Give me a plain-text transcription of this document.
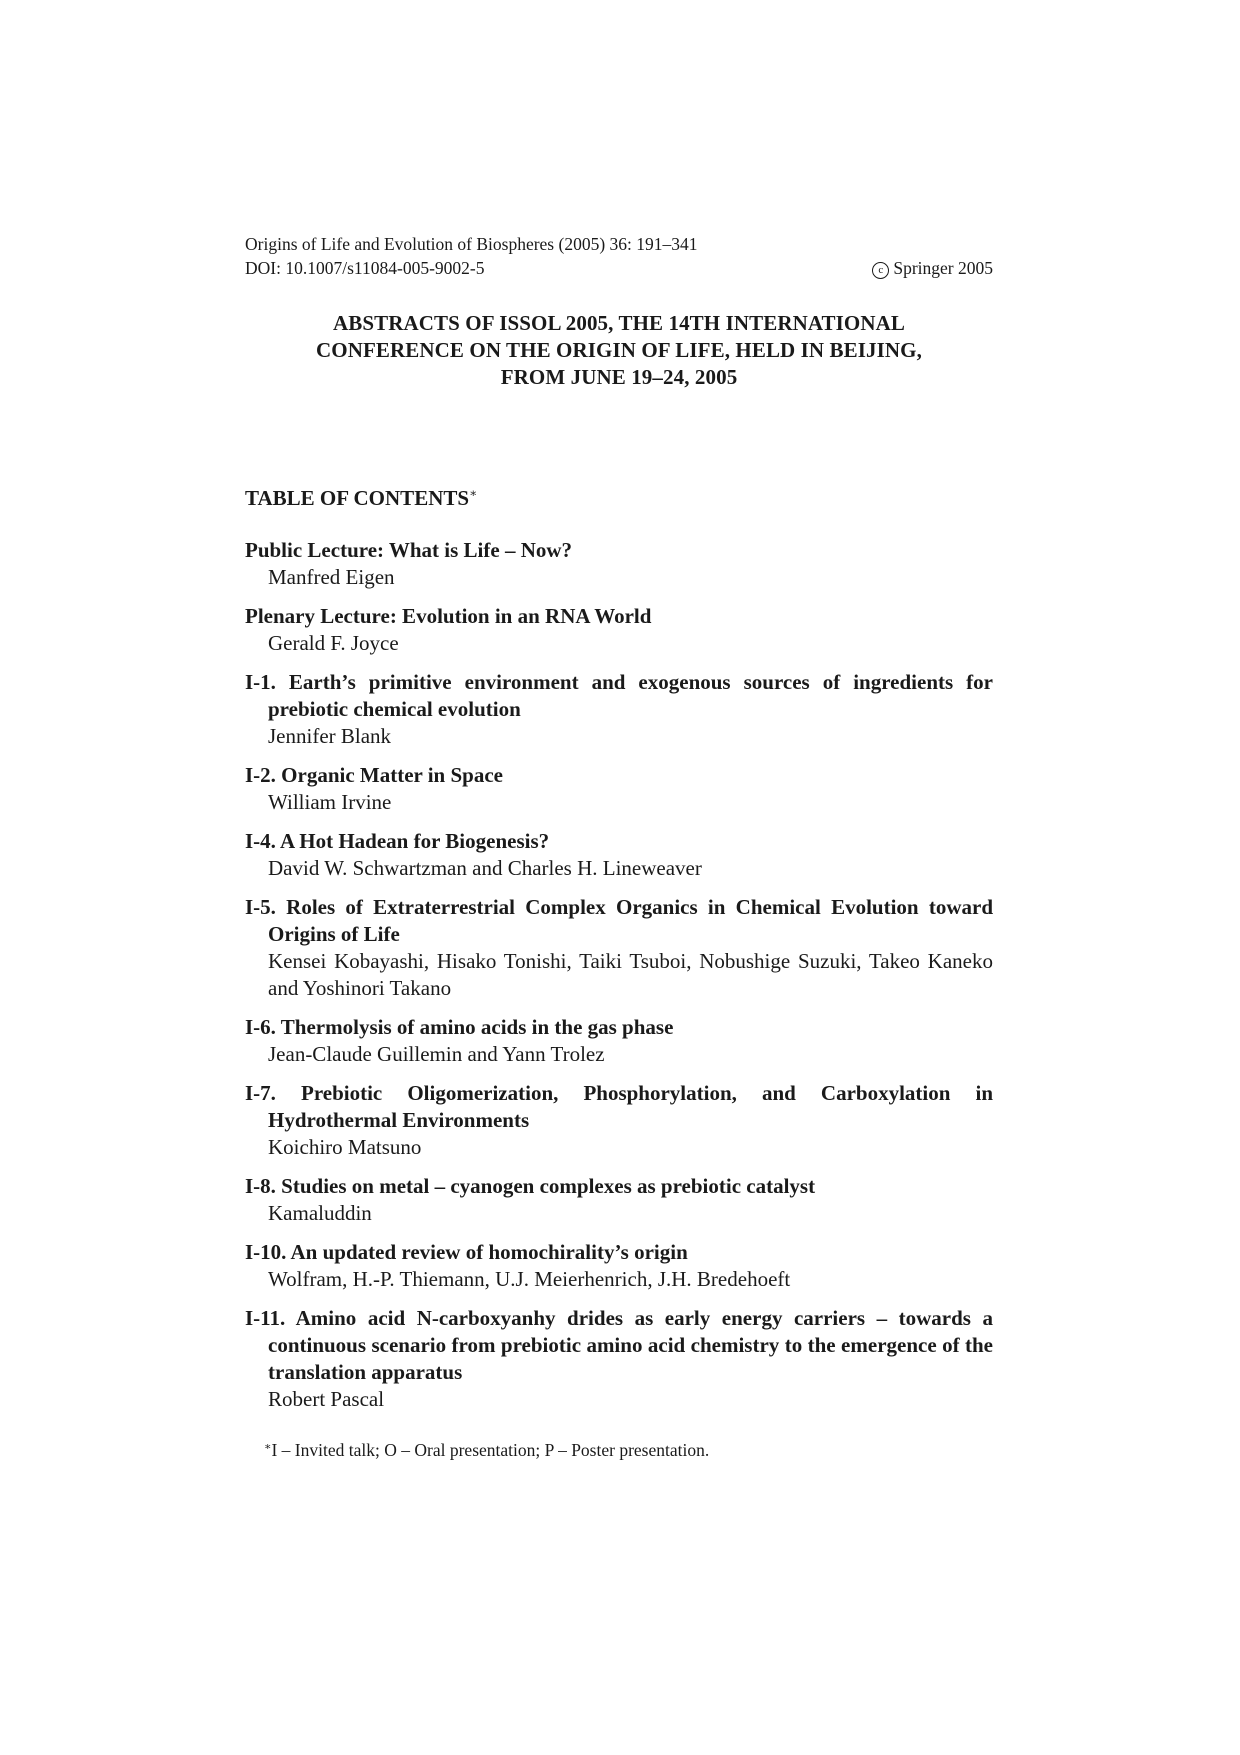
Origins of Life and Evolution of Biospheres (2005) 36: 191–341
DOI: 10.1007/s11084-005-9002-5	c Springer 2005
ABSTRACTS OF ISSOL 2005, THE 14TH INTERNATIONAL
CONFERENCE ON THE ORIGIN OF LIFE, HELD IN BEIJING,
FROM JUNE 19–24, 2005
TABLE OF CONTENTS∗
Public Lecture: What is Life – Now?
Manfred Eigen
Plenary Lecture: Evolution in an RNA World
Gerald F. Joyce
I-1. Earth’s primitive environment and exogenous sources of ingredients for prebiotic chemical evolution
Jennifer Blank
I-2. Organic Matter in Space
William Irvine
I-4. A Hot Hadean for Biogenesis?
David W. Schwartzman and Charles H. Lineweaver
I-5. Roles of Extraterrestrial Complex Organics in Chemical Evolution toward Origins of Life
Kensei Kobayashi, Hisako Tonishi, Taiki Tsuboi, Nobushige Suzuki, Takeo Kaneko and Yoshinori Takano
I-6. Thermolysis of amino acids in the gas phase
Jean-Claude Guillemin and Yann Trolez
I-7. Prebiotic Oligomerization, Phosphorylation, and Carboxylation in Hydrothermal Environments
Koichiro Matsuno
I-8. Studies on metal – cyanogen complexes as prebiotic catalyst
Kamaluddin
I-10. An updated review of homochirality’s origin
Wolfram, H.-P. Thiemann, U.J. Meierhenrich, J.H. Bredehoeft
I-11. Amino acid N-carboxyanhy drides as early energy carriers – towards a continuous scenario from prebiotic amino acid chemistry to the emergence of the translation apparatus
Robert Pascal
∗I – Invited talk; O – Oral presentation; P – Poster presentation.
